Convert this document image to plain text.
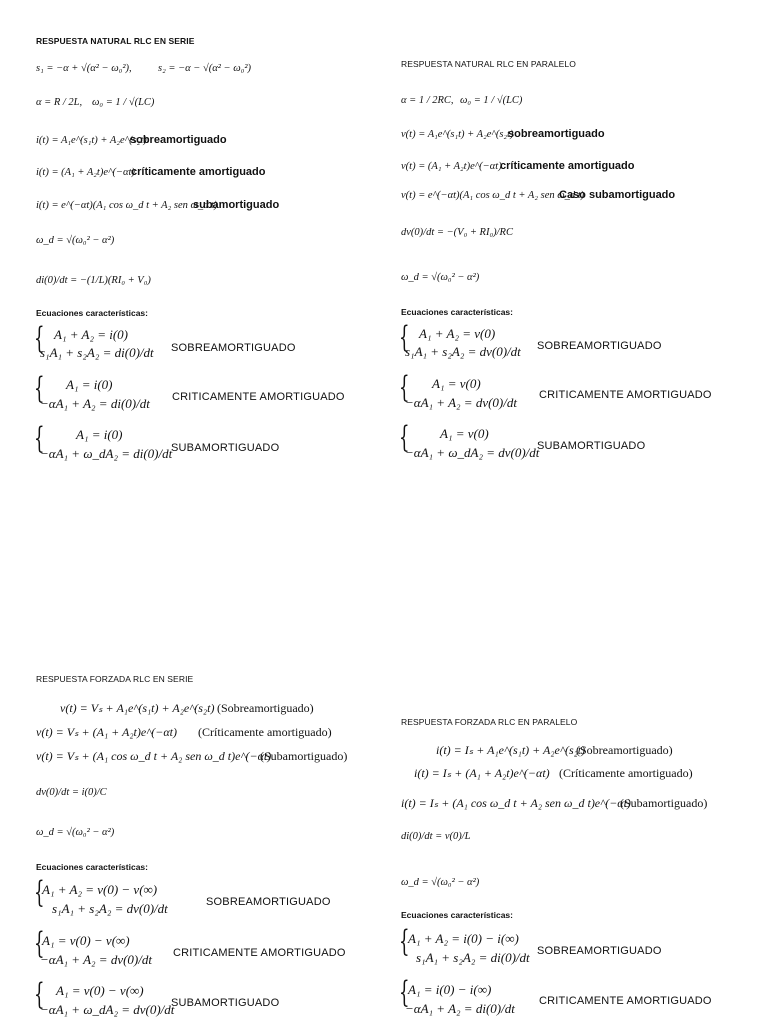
RESPUESTA NATURAL RLC EN SERIE
s₁ = −α + √(α² − ω₀²),	s₂ = −α − √(α² − ω₀²)
α = R / 2L, ω₀ = 1 / √(LC)
i(t) = A₁e^(s₁t) + A₂e^(s₂t)
sobreamortiguado
i(t) = (A₁ + A₂t)e^(−αt)
críticamente amortiguado
i(t) = e^(−αt)(A₁ cos ω_d t + A₂ sen ω_d t)
subamortiguado
ω_d = √(ω₀² − α²)
di(0)/dt = −(1/L)(RI₀ + V₀)
Ecuaciones características:
{ A₁ + A₂ = i(0)
s₁A₁ + s₂A₂ = di(0)/dt SOBREAMORTIGUADO
{ A₁ = i(0)
−αA₁ + A₂ = di(0)/dt CRITICAMENTE AMORTIGUADO
{ A₁ = i(0)
−αA₁ + ω_dA₂ = di(0)/dt
SUBAMORTIGUADO
RESPUESTA NATURAL RLC EN PARALELO
α = 1 / 2RC, ω₀ = 1 / √(LC)
v(t) = A₁e^(s₁t) + A₂e^(s₂t)
sobreamortiguado
v(t) = (A₁ + A₂t)e^(−αt)
críticamente amortiguado
v(t) = e^(−αt)(A₁ cos ω_d t + A₂ sen ω_d t)
Caso subamortiguado
dv(0)/dt = −(V₀ + RI₀)/RC
ω_d = √(ω₀² − α²)
Ecuaciones características:
{ A₁ + A₂ = v(0)
s₁A₁ + s₂A₂ = dv(0)/dt SOBREAMORTIGUADO
{ A₁ = v(0)
−αA₁ + A₂ = dv(0)/dt CRITICAMENTE AMORTIGUADO
{ A₁ = v(0)
−αA₁ + ω_dA₂ = dv(0)/dt
SUBAMORTIGUADO
RESPUESTA FORZADA RLC EN SERIE
v(t) = Vₛ + A₁e^(s₁t) + A₂e^(s₂t) (Sobreamortiguado)
v(t) = Vₛ + (A₁ + A₂t)e^(−αt) (Críticamente amortiguado)
v(t) = Vₛ + (A₁ cos ω_d t + A₂ sen ω_d t)e^(−αt)
(Subamortiguado)
dv(0)/dt = i(0)/C
ω_d = √(ω₀² − α²)
Ecuaciones características:
{
A₁ + A₂ = v(0) − v(∞)
s₁A₁ + s₂A₂ = dv(0)/dt	SOBREAMORTIGUADO
{
A₁ = v(0) − v(∞)
−αA₁ + A₂ = dv(0)/dt CRITICAMENTE AMORTIGUADO
{ A₁ = v(0) − v(∞)
−αA₁ + ω_dA₂ = dv(0)/dt
SUBAMORTIGUADO
RESPUESTA FORZADA RLC EN PARALELO
i(t) = Iₛ + A₁e^(s₁t) + A₂e^(s₂t)
(Sobreamortiguado)
i(t) = Iₛ + (A₁ + A₂t)e^(−αt) (Críticamente amortiguado)
i(t) = Iₛ + (A₁ cos ω_d t + A₂ sen ω_d t)e^(−αt)
(Subamortiguado)
di(0)/dt = v(0)/L
ω_d = √(ω₀² − α²)
Ecuaciones características:
{
A₁ + A₂ = i(0) − i(∞)
s₁A₁ + s₂A₂ = di(0)/dt SOBREAMORTIGUADO
{
A₁ = i(0) − i(∞)
−αA₁ + A₂ = di(0)/dt CRITICAMENTE AMORTIGUADO
